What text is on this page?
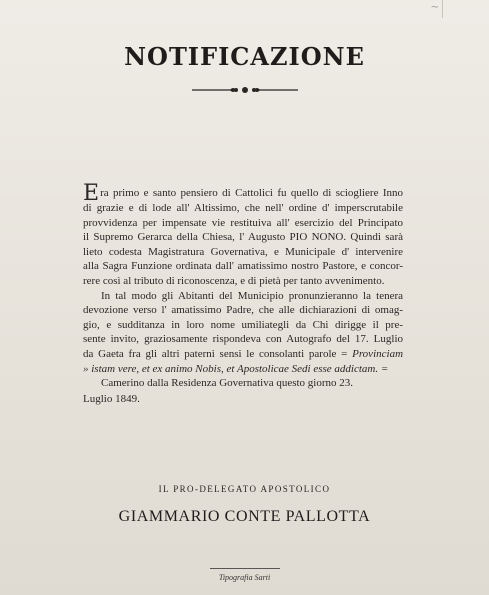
~
NOTIFICAZIONE
Era primo e santo pensiero di Cattolici fu quello di sciogliere Inno
di grazie e di lode all' Altissimo, che nell' ordine d' imperscrutabile
provvidenza per impensate vie restituiva all' esercizio del Principato
il Supremo Gerarca della Chiesa, l' Augusto PIO NONO. Quindi sarà
lieto codesta Magistratura Governativa, e Municipale d' intervenire
alla Sagra Funzione ordinata dall' amatissimo nostro Pastore, e concor-
rere così al tributo di riconoscenza, e di pietà per tanto avvenimento.
In tal modo gli Abitanti del Municipio pronunzieranno la tenera
devozione verso l' amatissimo Padre, che alle dichiarazioni di omag-
gio, e sudditanza in loro nome umiliategli da Chi dirigge il pre-
sente invito, graziosamente rispondeva con Autografo del 17. Luglio
da Gaeta fra gli altri paterni sensi le consolanti parole = Provinciam
» istam vere, et ex animo Nobis, et Apostolicae Sedi esse addictam. =
Camerino dalla Residenza Governativa questo giorno 23.
Luglio 1849.
IL PRO-DELEGATO APOSTOLICO
GIAMMARIO CONTE PALLOTTA
Tipografia Sarti
